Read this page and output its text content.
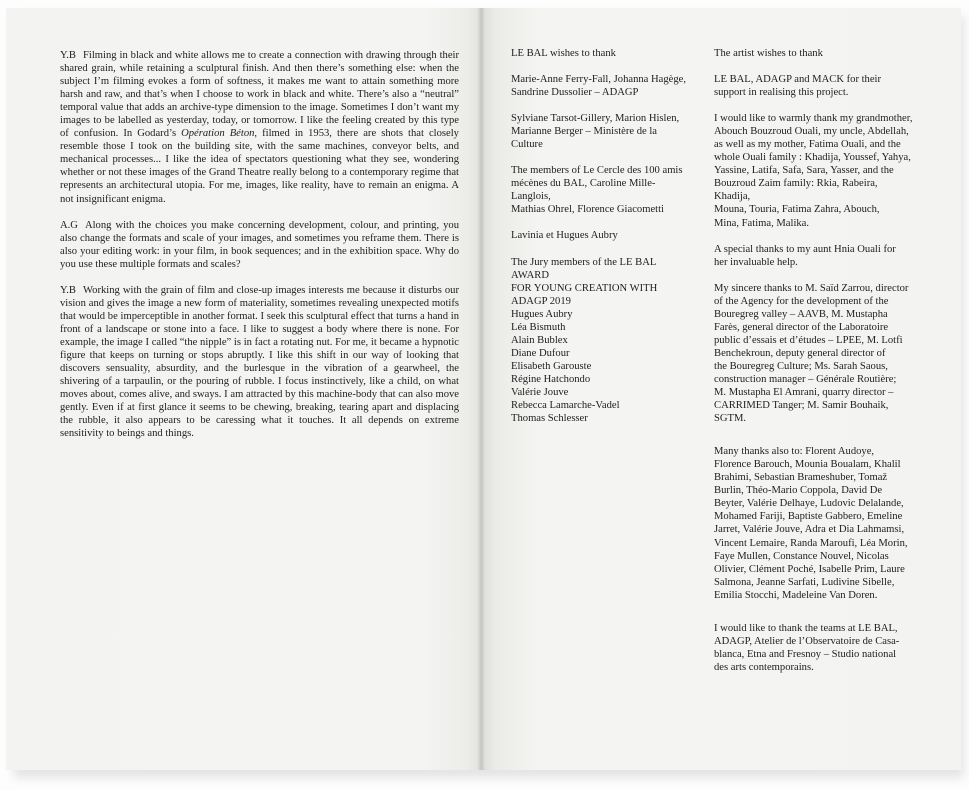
Y.B Filming in black and white allows me to create a connection with drawing through their shared grain, while retaining a sculptural finish. And then there’s something else: when the subject I’m filming evokes a form of softness, it makes me want to attain something more harsh and raw, and that’s when I choose to work in black and white. There’s also a “neutral” temporal value that adds an archive-type dimension to the image. Sometimes I don’t want my images to be labelled as yesterday, today, or tomorrow. I like the feeling created by this type of confusion. In Godard’s Opération Béton, filmed in 1953, there are shots that closely resemble those I took on the building site, with the same machines, conveyor belts, and mechanical processes... I like the idea of spectators questioning what they see, wondering whether or not these images of the Grand Theatre really belong to a contemporary regime that represents an architectural utopia. For me, images, like reality, have to remain an enigma. A not insignificant enigma.

A.G Along with the choices you make concerning development, colour, and printing, you also change the formats and scale of your images, and sometimes you reframe them. There is also your editing work: in your film, in book sequences; and in the exhibition space. Why do you use these multiple formats and scales?

Y.B Working with the grain of film and close-up images interests me because it disturbs our vision and gives the image a new form of materiality, sometimes revealing unexpected motifs that would be imperceptible in another format. I seek this sculptural effect that turns a hand in front of a landscape or stone into a face. I like to suggest a body where there is none. For example, the image I called “the nipple” is in fact a rotating nut. For me, it became a hypnotic figure that keeps on turning or stops abruptly. I like this shift in our way of looking that discovers sensuality, absurdity, and the burlesque in the vibration of a gearwheel, the shivering of a tarpaulin, or the pouring of rubble. I focus instinctively, like a child, on what moves about, comes alive, and sways. I am attracted by this machine-body that can also move gently. Even if at first glance it seems to be chewing, breaking, tearing apart and displacing the rubble, it also appears to be caressing what it touches. It all depends on extreme sensitivity to beings and things.

LE BAL wishes to thank

Marie-Anne Ferry-Fall, Johanna Hagège,
Sandrine Dussolier – ADAGP

Sylviane Tarsot-Gillery, Marion Hislen,
Marianne Berger – Ministère de la Culture

The members of Le Cercle des 100 amis
mécènes du BAL, Caroline Mille-Langlois,
Mathias Ohrel, Florence Giacometti

Lavinia et Hugues Aubry

The Jury members of the LE BAL AWARD
FOR YOUNG CREATION WITH
ADAGP 2019
Hugues Aubry
Léa Bismuth
Alain Bublex
Diane Dufour
Elisabeth Garouste
Régine Hatchondo
Valérie Jouve
Rebecca Lamarche-Vadel
Thomas Schlesser

The artist wishes to thank

LE BAL, ADAGP and MACK for their
support in realising this project.

I would like to warmly thank my grandmother,
Abouch Bouzroud Ouali, my uncle, Abdellah,
as well as my mother, Fatima Ouali, and the
whole Ouali family : Khadija, Youssef, Yahya,
Yassine, Latifa, Safa, Sara, Yasser, and the
Bouzroud Zaim family: Rkia, Rabeira, Khadija,
Mouna, Touria, Fatima Zahra, Abouch,
Mina, Fatima, Malika.

A special thanks to my aunt Hnia Ouali for
her invaluable help.

My sincere thanks to M. Saïd Zarrou, director
of the Agency for the development of the
Bouregreg valley – AAVB, M. Mustapha
Farès, general director of the Laboratoire
public d’essais et d’études – LPEE, M. Lotfi
Benchekroun, deputy general director of
the Bouregreg Culture; Ms. Sarah Saous,
construction manager – Générale Routière;
M. Mustapha El Amrani, quarry director –
CARRIMED Tanger; M. Samir Bouhaik,
SGTM.

Many thanks also to: Florent Audoye,
Florence Barouch, Mounia Boualam, Khalil
Brahimi, Sebastian Brameshuber, Tomaž
Burlin, Théo-Mario Coppola, David De
Beyter, Valérie Delhaye, Ludovic Delalande,
Mohamed Fariji, Baptiste Gabbero, Emeline
Jarret, Valérie Jouve, Adra et Dia Lahmamsi,
Vincent Lemaire, Randa Maroufi, Léa Morin,
Faye Mullen, Constance Nouvel, Nicolas
Olivier, Clément Poché, Isabelle Prim, Laure
Salmona, Jeanne Sarfati, Ludivine Sibelle,
Emilia Stocchi, Madeleine Van Doren.

I would like to thank the teams at LE BAL,
ADAGP, Atelier de l’Observatoire de Casa-
blanca, Etna and Fresnoy – Studio national
des arts contemporains.
